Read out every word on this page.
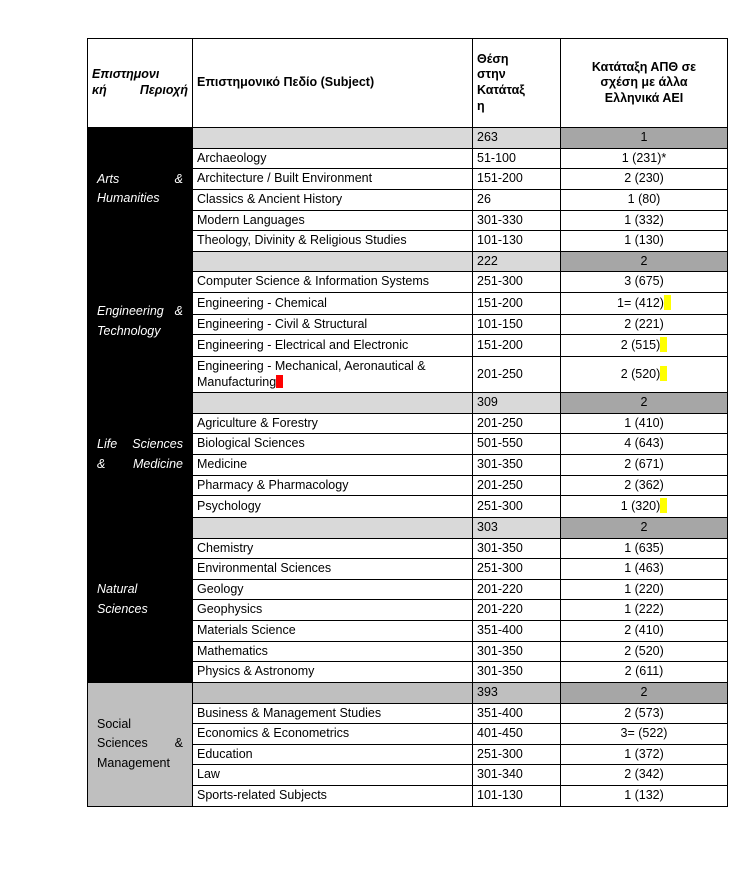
Επιστημονι
κή Περιοχή	Επιστημονικό Πεδίο (Subject)	Θέση
στην
Κατάταξ
η	Κατάταξη ΑΠΘ σε
σχέση με άλλα
Ελληνικά ΑΕΙ

Arts &
Humanities		263	1
	Archaeology	51-100	1 (231)*
	Architecture / Built Environment	151-200	2 (230)
	Classics & Ancient History	26	1 (80)
	Modern Languages	301-330	1 (332)
	Theology, Divinity & Religious Studies	101-130	1 (130)

Engineering &
Technology		222	2
	Computer Science & Information Systems	251-300	3 (675)
	Engineering - Chemical	151-200	1= (412)
	Engineering - Civil & Structural	101-150	2 (221)
	Engineering - Electrical and Electronic	151-200	2 (515)
	Engineering - Mechanical, Aeronautical & Manufacturing	201-250	2 (520)

Life Sciences
& Medicine		309	2
	Agriculture & Forestry	201-250	1 (410)
	Biological Sciences	501-550	4 (643)
	Medicine	301-350	2 (671)
	Pharmacy & Pharmacology	201-250	2 (362)
	Psychology	251-300	1 (320)

Natural
Sciences		303	2
	Chemistry	301-350	1 (635)
	Environmental Sciences	251-300	1 (463)
	Geology	201-220	1 (220)
	Geophysics	201-220	1 (222)
	Materials Science	351-400	2 (410)
	Mathematics	301-350	2 (520)
	Physics & Astronomy	301-350	2 (611)

Social
Sciences &
Management		393	2
	Business & Management Studies	351-400	2 (573)
	Economics & Econometrics	401-450	3= (522)
	Education	251-300	1 (372)
	Law	301-340	2 (342)
	Sports-related Subjects	101-130	1 (132)
